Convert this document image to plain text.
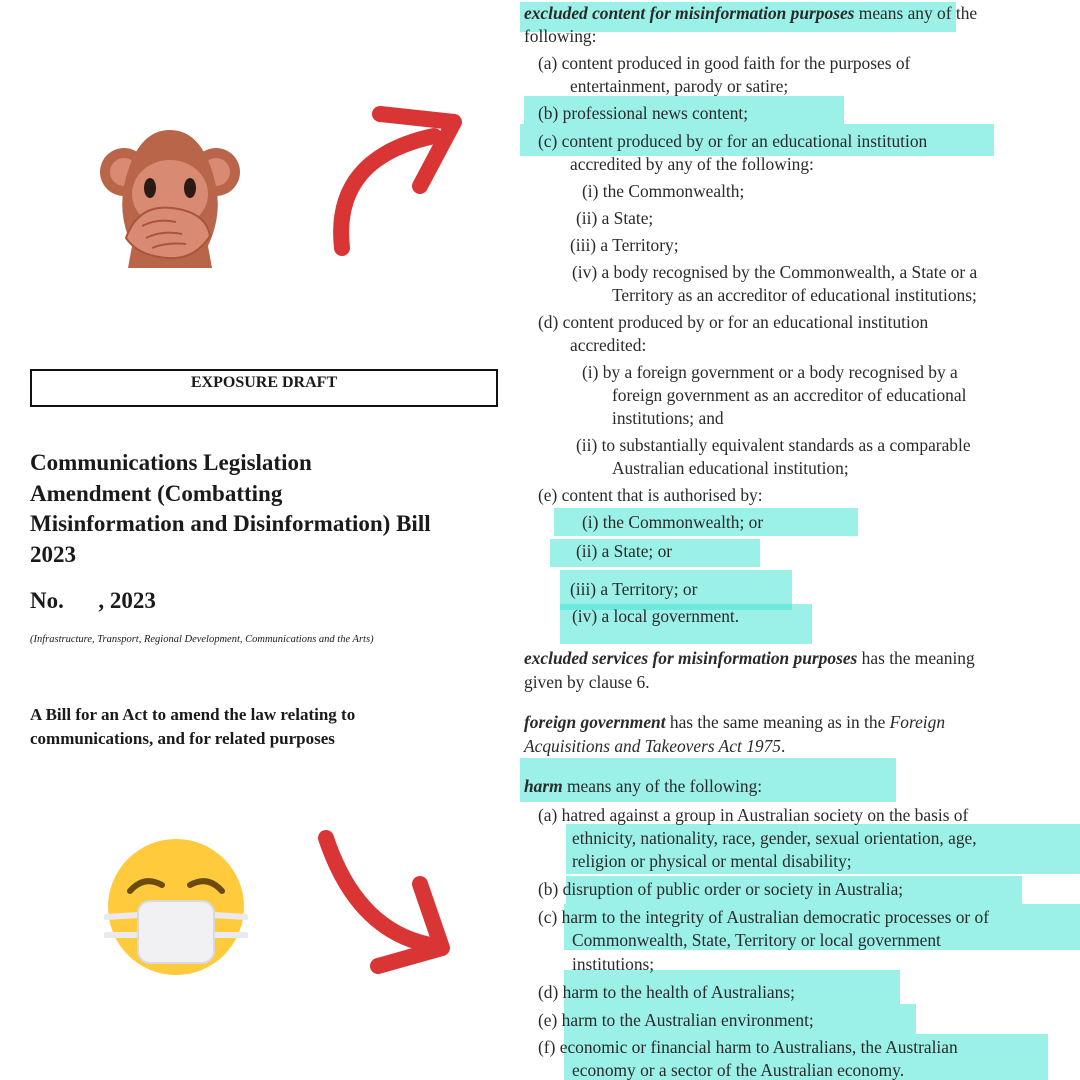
EXPOSURE DRAFT
Communications Legislation
Amendment (Combatting
Misinformation and Disinformation) Bill
2023
No.      , 2023
(Infrastructure, Transport, Regional Development, Communications and the Arts)
A Bill for an Act to amend the law relating to
communications, and for related purposes
excluded content for misinformation purposes means any of the
following:
(a) content produced in good faith for the purposes of
entertainment, parody or satire;
(b) professional news content;
(c) content produced by or for an educational institution
accredited by any of the following:
(i) the Commonwealth;
(ii) a State;
(iii) a Territory;
(iv) a body recognised by the Commonwealth, a State or a
Territory as an accreditor of educational institutions;
(d) content produced by or for an educational institution
accredited:
(i) by a foreign government or a body recognised by a
foreign government as an accreditor of educational
institutions; and
(ii) to substantially equivalent standards as a comparable
Australian educational institution;
(e) content that is authorised by:
(i) the Commonwealth; or
(ii) a State; or
(iii) a Territory; or
(iv) a local government.
excluded services for misinformation purposes has the meaning
given by clause 6.
foreign government has the same meaning as in the Foreign
Acquisitions and Takeovers Act 1975.
harm means any of the following:
(a) hatred against a group in Australian society on the basis of
ethnicity, nationality, race, gender, sexual orientation, age,
religion or physical or mental disability;
(b) disruption of public order or society in Australia;
(c) harm to the integrity of Australian democratic processes or of
Commonwealth, State, Territory or local government
institutions;
(d) harm to the health of Australians;
(e) harm to the Australian environment;
(f) economic or financial harm to Australians, the Australian
economy or a sector of the Australian economy.
